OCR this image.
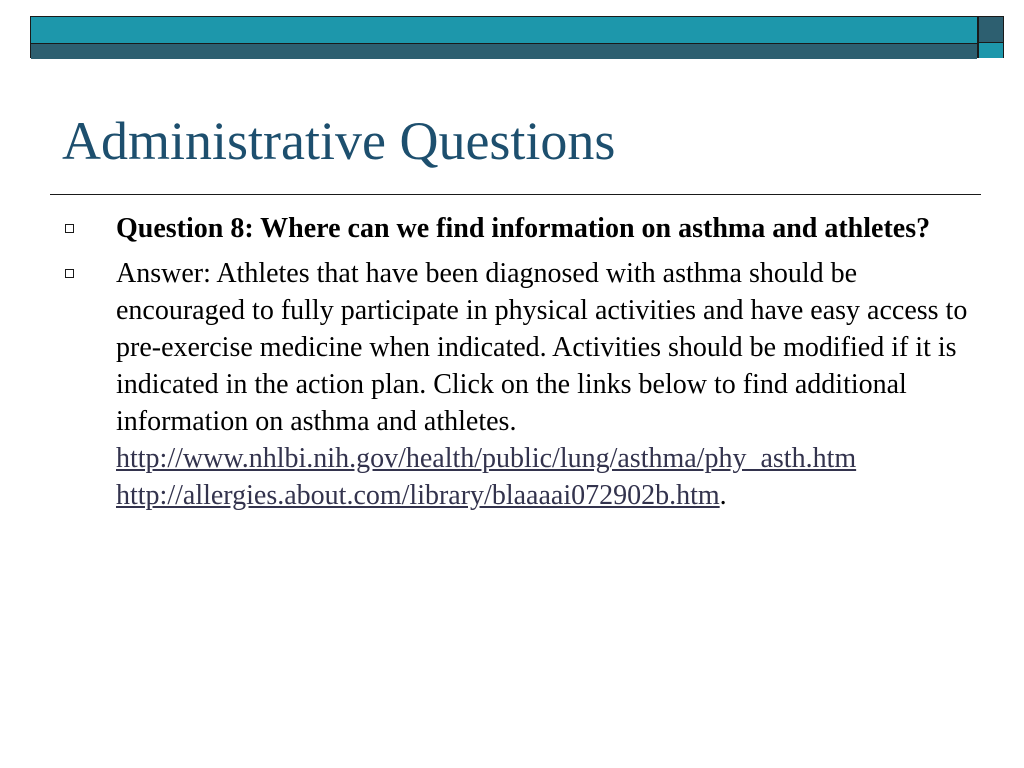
Administrative Questions
Question 8: Where can we find information on asthma and athletes?
Answer: Athletes that have been diagnosed with asthma should be encouraged to fully participate in physical activities and have easy access to pre-exercise medicine when indicated. Activities should be modified if it is indicated in the action plan. Click on the links below to find additional information on asthma and athletes.
http://www.nhlbi.nih.gov/health/public/lung/asthma/phy_asth.htm
http://allergies.about.com/library/blaaaai072902b.htm.
